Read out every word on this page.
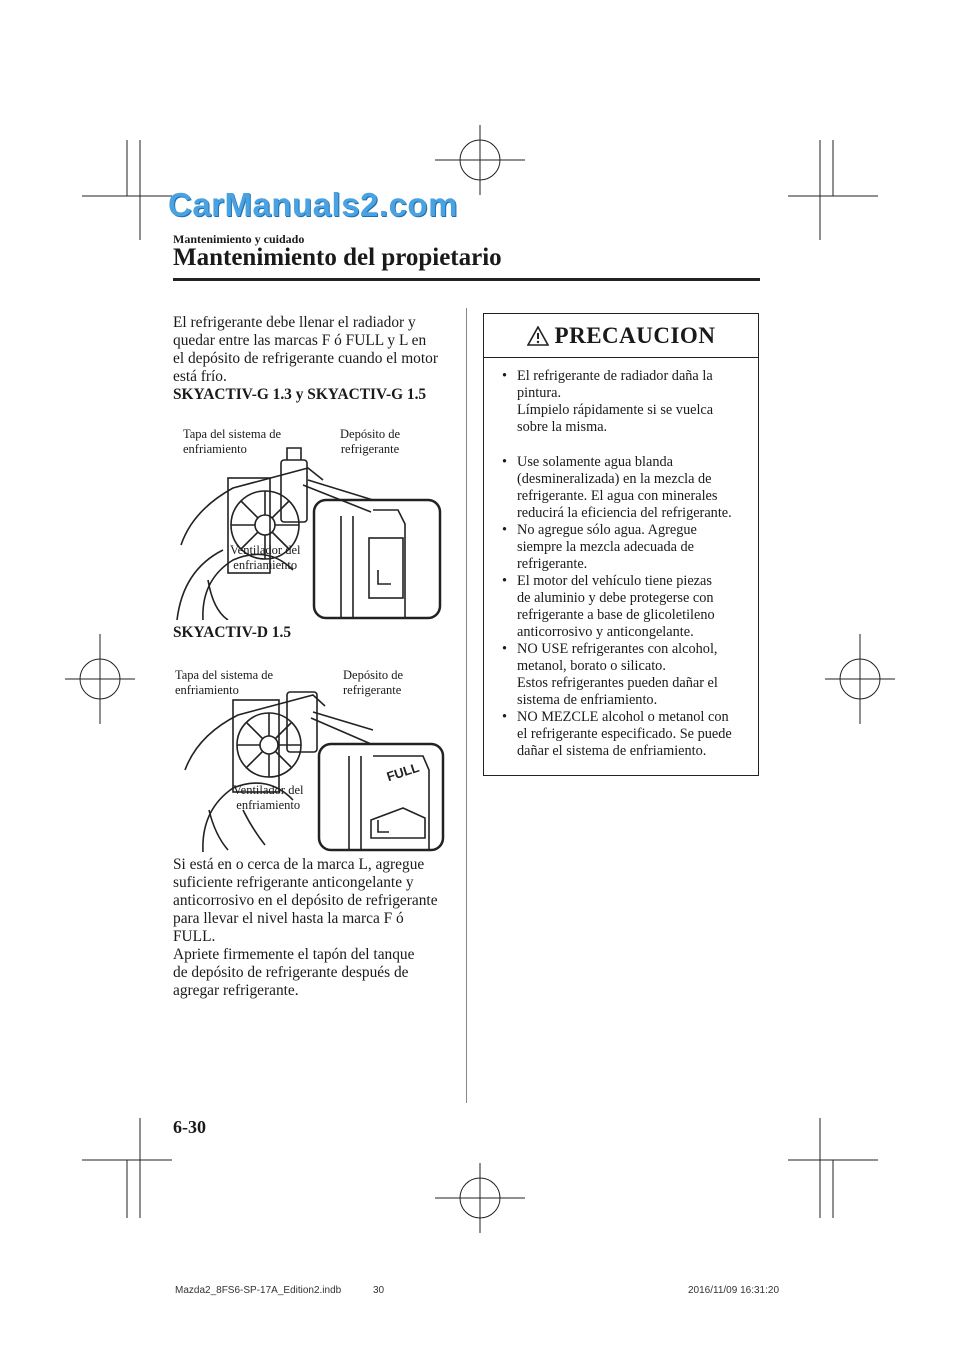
CarManuals2.com
Mantenimiento y cuidado
Mantenimiento del propietario
El refrigerante debe llenar el radiador y
quedar entre las marcas F ó FULL y L en
el depósito de refrigerante cuando el motor
está frío.
SKYACTIV-G 1.3 y SKYACTIV-G 1.5
Tapa del sistema de
enfriamiento
Depósito de
refrigerante
Ventilador del
enfriamiento
SKYACTIV-D 1.5
FULL
Tapa del sistema de
enfriamiento
Depósito de
refrigerante
Ventilador del
enfriamiento
Si está en o cerca de la marca L, agregue
suficiente refrigerante anticongelante y
anticorrosivo en el depósito de refrigerante
para llevar el nivel hasta la marca F ó
FULL.
Apriete firmemente el tapón del tanque
de depósito de refrigerante después de
agregar refrigerante.
PRECAUCION
• El refrigerante de radiador daña la
pintura.
Límpielo rápidamente si se vuelca
sobre la misma.
• Use solamente agua blanda
(desmineralizada) en la mezcla de
refrigerante. El agua con minerales
reducirá la eficiencia del refrigerante.
• No agregue sólo agua. Agregue
siempre la mezcla adecuada de
refrigerante.
• El motor del vehículo tiene piezas
de aluminio y debe protegerse con
refrigerante a base de glicoletileno
anticorrosivo y anticongelante.
• NO USE refrigerantes con alcohol,
metanol, borato o silicato.
Estos refrigerantes pueden dañar el
sistema de enfriamiento.
• NO MEZCLE alcohol o metanol con
el refrigerante especificado. Se puede
dañar el sistema de enfriamiento.
6-30
Mazda2_8FS6-SP-17A_Edition2.indb	30	2016/11/09 16:31:20
